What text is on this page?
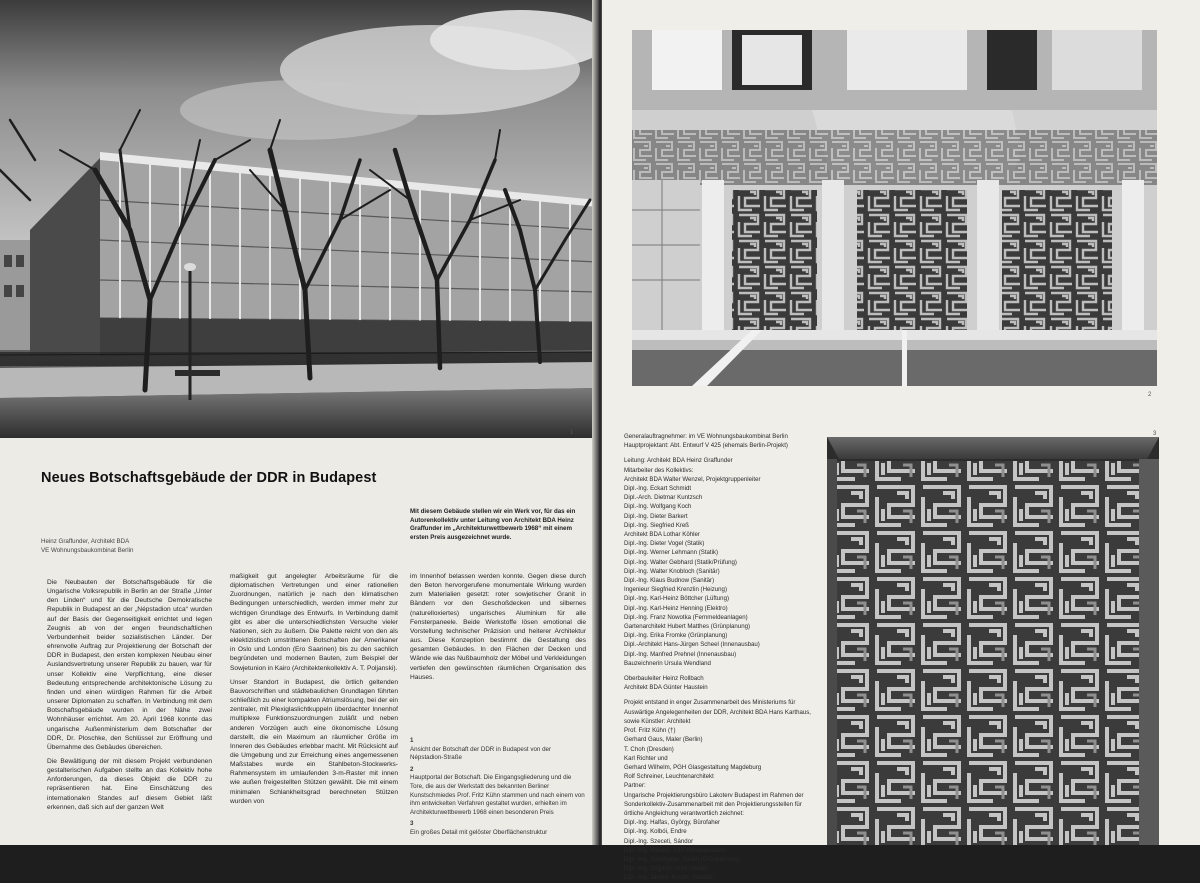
1
Neues Botschaftsgebäude der DDR in Budapest
Heinz Graffunder, Architekt BDA
VE Wohnungsbaukombinat Berlin
Mit diesem Gebäude stellen wir ein Werk vor, für das ein Autorenkollektiv unter Leitung von Architekt BDA Heinz Graffunder im „Architekturwettbewerb 1968“ mit einem ersten Preis ausgezeichnet wurde.

Die Neubauten der Botschaftsgebäude für die Ungarische Volksrepublik in Berlin an der Straße „Unter den Linden“ und für die Deutsche Demokratische Republik in Budapest an der „Népstadion utca“ wurden auf der Basis der Gegenseitigkeit errichtet und legen Zeugnis ab von der engen freundschaftlichen Verbundenheit beider sozialistischen Länder. Der ehrenvolle Auftrag zur Projektierung der Botschaft der DDR in Budapest, den ersten komplexen Neubau einer Auslandsvertretung unserer Republik zu bauen, war für unser Kollektiv eine Verpflichtung, eine dieser Bedeutung entsprechende architektonische Lösung zu finden und einen würdigen Rahmen für die Arbeit unserer Diplomaten zu schaffen. In Verbindung mit dem Botschaftsgebäude wurden in der Nähe zwei Wohnhäuser errichtet. Am 20. April 1968 konnte das ungarische Außenministerium dem Botschafter der DDR, Dr. Ploschke, den Schlüssel zur Eröffnung und Übernahme des Gebäudes übereichen.

Die Bewältigung der mit diesem Projekt verbundenen gestalterischen Aufgaben stellte an das Kollektiv hohe Anforderungen, da dieses Objekt die DDR zu repräsentieren hat. Eine Einschätzung des internationalen Standes auf diesem Gebiet läßt erkennen, daß sich auf der ganzen Welt

maßigkeit gut angelegter Arbeitsräume für die diplomatischen Vertretungen und einer rationellen Zuordnungen, natürlich je nach den klimatischen Bedingungen unterschiedlich, werden immer mehr zur wichtigen Grundlage des Entwurfs. In Verbindung damit gibt es aber die unterschiedlichsten Versuche vieler Nationen, sich zu äußern. Die Palette reicht von den als eklektizistisch umstrittenen Botschaften der Amerikaner in Oslo und London (Ero Saarinen) bis zu den sachlich begründeten und modernen Bauten, zum Beispiel der Sowjetunion in Kairo (Architektenkollektiv A. T. Poljanski).

Unser Standort in Budapest, die örtlich geltenden Bauvorschriften und städtebaulichen Grundlagen führten schließlich zu einer kompakten Atriumslösung, bei der ein zentraler, mit Plexiglaslichtkuppeln überdachter Innenhof multiplexe Funktionszuordnungen zuläßt und neben anderen Vorzügen auch eine ökonomische Lösung darstellt, die ein Maximum an räumlicher Größe im Inneren des Gebäudes erlebbar macht. Mit Rücksicht auf die Umgebung und zur Erreichung eines angemessenen Maßstabes wurde ein Stahlbeton-Stockwerks-Rahmensystem im umlaufenden 3-m-Raster mit innen wie außen freigestellten Stützen gewählt. Die mit einem minimalen Schlankheitsgrad berechneten Stützen wurden von

im Innenhof belassen werden konnte. Gegen diese durch den Beton hervorgerufene monumentale Wirkung wurden zum Materialien gesetzt: roter sowjetischer Granit in Bändern vor den Geschoßdecken und silbernes (naturelloxiertes) ungarisches Aluminium für alle Fensterpaneele. Beide Werkstoffe lösen emotional die Vorstellung technischer Präzision und heiterer Architektur aus. Diese Konzeption bestimmt die Gestaltung des gesamten Gebäudes. In den Flächen der Decken und Wände wie das Nußbaumholz der Möbel und Verkleidungen vertiefen den gewünschten räumlichen Organisation des Hauses.

1
Ansicht der Botschaft der DDR in Budapest von der Népstadion-Straße
2
Hauptportal der Botschaft. Die Eingangsgliederung und die Tore, die aus der Werkstatt des bekannten Berliner Kunstschmiedes Prof. Fritz Kühn stammen und nach einem von ihm entwickelten Verfahren gestaltet wurden, erhielten im Architekturwettbewerb 1968 einen besonderen Preis
3
Ein großes Detail mit gelöster Oberflächenstruktur
2
Generalauftragnehmer: im VE Wohnungsbaukombinat Berlin
Hauptprojektant: Abt. Entwurf V 425 (ehemals Berlin-Projekt)
Leitung: Architekt BDA Heinz Graffunder
Mitarbeiter des Kollektivs:
Architekt BDA Walter Wenzel, Projektgruppenleiter
Dipl.-Ing. Eckart Schmidt
Dipl.-Arch. Dietmar Kuntzsch
Dipl.-Ing. Wolfgang Koch
Dipl.-Ing. Dieter Barkert
Dipl.-Ing. Siegfried Kreß
Architekt BDA Lothar Köhler
Dipl.-Ing. Dieter Vogel (Statik)
Dipl.-Ing. Werner Lehmann (Statik)
Dipl.-Ing. Walter Gebhard (Statik/Prüfung)
Dipl.-Ing. Walter Knobloch (Sanitär)
Dipl.-Ing. Klaus Budnow (Sanitär)
Ingenieur Siegfried Krenzlin (Heizung)
Dipl.-Ing. Karl-Heinz Böttcher (Lüftung)
Dipl.-Ing. Karl-Heinz Henning (Elektro)
Dipl.-Ing. Franz Nowotka (Fernmeldeanlagen)
Gartenarchitekt Hubert Matthes (Grünplanung)
Dipl.-Ing. Erika Fromke (Grünplanung)
Dipl.-Architekt Hans-Jürgen Scheel (Innenausbau)
Dipl.-Ing. Manfred Prehnel (Innenausbau)
Bauzeichnerin Ursula Wendland
Oberbauleiter Heinz Rollbach
Architekt BDA Günter Haustein
Projekt entstand in enger Zusammenarbeit des Ministeriums für Auswärtige Angelegenheiten der DDR, Architekt BDA Hans Karthaus, sowie Künstler: Architekt
Prof. Fritz Kühn (†)
Gerhard Gaus, Maler (Berlin)
T. Choh (Dresden)
Karl Richter und
Gerhard Wilhelm, PGH Glasgestaltung Magdeburg
Rolf Schreiner, Leuchtenarchitekt
Partner:
Ungarische Projektierungsbüro Lakoterv Budapest im Rahmen der Sonderkollektiv-Zusammenarbeit mit den Projektierungsstellen für örtliche Angleichung verantwortlich zeichnet:
Dipl.-Ing. Halfas, György, Bürofaher
Dipl.-Ing. Kolbói, Endre
Dipl.-Ing. Szeceti, Sándor
Dipl.-Ing. Kovacs, Lóci (Innenausbau)
Dipl.-Ing. Szentgeter, István (Grünplanung)
Dipl.-Ing. Szijjarto, Imre (Statik)
Dipl.-Ing. Jánold, Kovály (Sanitär)
3
